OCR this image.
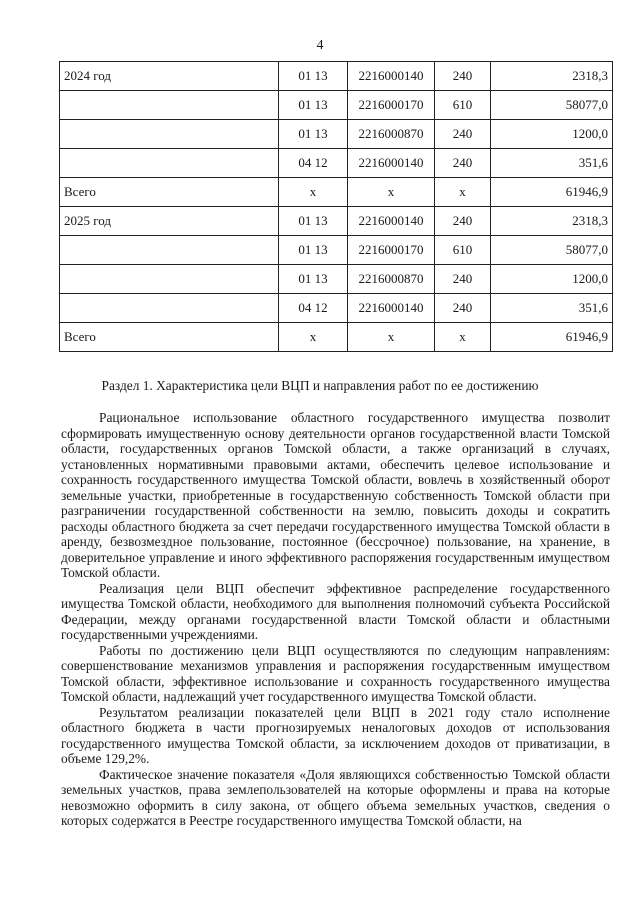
4
2024 год	01 13	2216000140	240	2318,3
	01 13	2216000170	610	58077,0
	01 13	2216000870	240	1200,0
	04 12	2216000140	240	351,6
Всего	х	х	х	61946,9
2025 год	01 13	2216000140	240	2318,3
	01 13	2216000170	610	58077,0
	01 13	2216000870	240	1200,0
	04 12	2216000140	240	351,6
Всего	х	х	х	61946,9
Раздел 1. Характеристика цели ВЦП и направления работ по ее достижению

Рациональное использование областного государственного имущества позволит сформировать имущественную основу деятельности органов государственной власти Томской области, государственных органов Томской области, а также организаций в случаях, установленных нормативными правовыми актами, обеспечить целевое использование и сохранность государственного имущества Томской области, вовлечь в хозяйственный оборот земельные участки, приобретенные в государственную собственность Томской области при разграничении государственной собственности на землю, повысить доходы и сократить расходы областного бюджета за счет передачи государственного имущества Томской области в аренду, безвозмездное пользование, постоянное (бессрочное) пользование, на хранение, в доверительное управление и иного эффективного распоряжения государственным имуществом Томской области.

Реализация цели ВЦП обеспечит эффективное распределение государственного имущества Томской области, необходимого для выполнения полномочий субъекта Российской Федерации, между органами государственной власти Томской области и областными государственными учреждениями.

Работы по достижению цели ВЦП осуществляются по следующим направлениям: совершенствование механизмов управления и распоряжения государственным имуществом Томской области, эффективное использование и сохранность государственного имущества Томской области, надлежащий учет государственного имущества Томской области.

Результатом реализации показателей цели ВЦП в 2021 году стало исполнение областного бюджета в части прогнозируемых неналоговых доходов от использования государственного имущества Томской области, за исключением доходов от приватизации, в объеме 129,2%.

Фактическое значение показателя «Доля являющихся собственностью Томской области земельных участков, права землепользователей на которые оформлены и права на которые невозможно оформить в силу закона, от общего объема земельных участков, сведения о которых содержатся в Реестре государственного имущества Томской области, на
